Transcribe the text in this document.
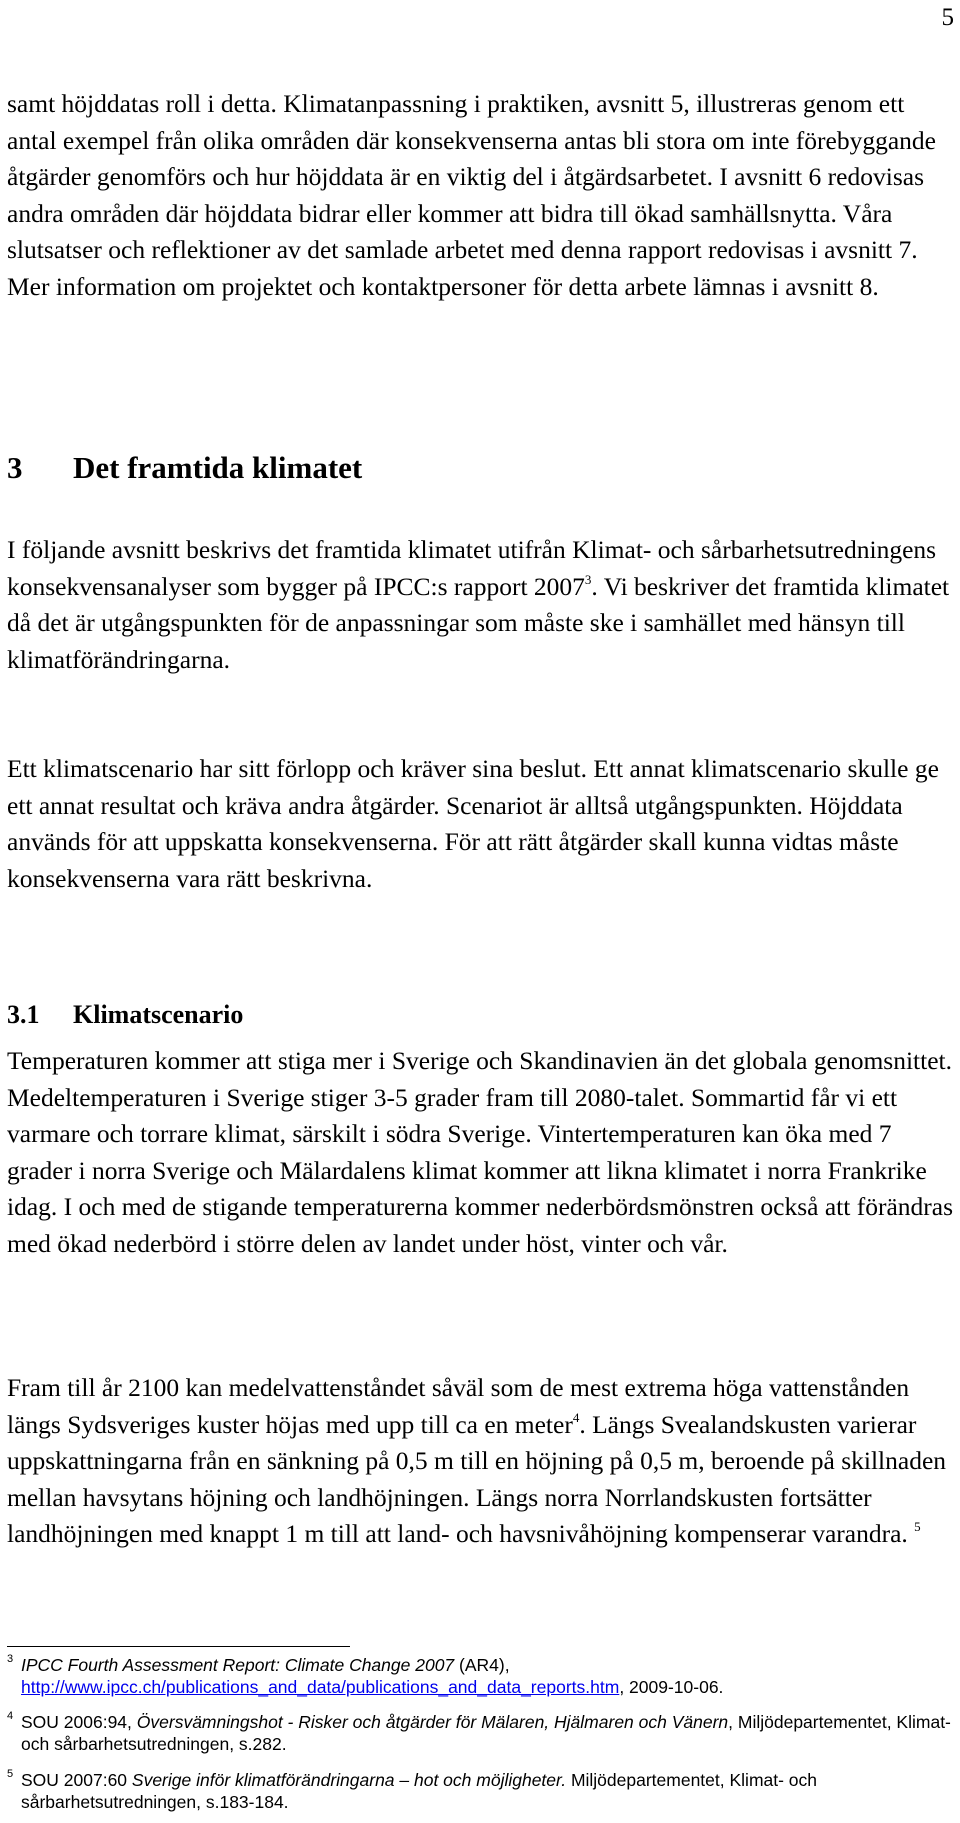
5

samt höjddatas roll i detta. Klimatanpassning i praktiken, avsnitt 5, illustreras genom ett antal exempel från olika områden där konsekvenserna antas bli stora om inte förebyggande åtgärder genomförs och hur höjddata är en viktig del i åtgärdsarbetet. I avsnitt 6 redovisas andra områden där höjddata bidrar eller kommer att bidra till ökad samhällsnytta. Våra slutsatser och reflektioner av det samlade arbetet med denna rapport redovisas i avsnitt 7. Mer information om projektet och kontaktpersoner för detta arbete lämnas i avsnitt 8.

3 Det framtida klimatet

I följande avsnitt beskrivs det framtida klimatet utifrån Klimat- och sårbarhetsutredningens konsekvensanalyser som bygger på IPCC:s rapport 2007$^3$. Vi beskriver det framtida klimatet då det är utgångspunkten för de anpassningar som måste ske i samhället med hänsyn till klimatförändringarna.

Ett klimatscenario har sitt förlopp och kräver sina beslut. Ett annat klimatscenario skulle ge ett annat resultat och kräva andra åtgärder. Scenariot är alltså utgångspunkten. Höjddata används för att uppskatta konsekvenserna. För att rätt åtgärder skall kunna vidtas måste konsekvenserna vara rätt beskrivna.

3.1 Klimatscenario

Temperaturen kommer att stiga mer i Sverige och Skandinavien än det globala genomsnittet. Medeltemperaturen i Sverige stiger 3-5 grader fram till 2080-talet. Sommartid får vi ett varmare och torrare klimat, särskilt i södra Sverige. Vintertemperaturen kan öka med 7 grader i norra Sverige och Mälardalens klimat kommer att likna klimatet i norra Frankrike idag. I och med de stigande temperaturerna kommer nederbördsmönstren också att förändras med ökad nederbörd i större delen av landet under höst, vinter och vår.

Fram till år 2100 kan medelvattenståndet såväl som de mest extrema höga vattenstånden längs Sydsveriges kuster höjas med upp till ca en meter$^4$. Längs Svealandskusten varierar uppskattningarna från en sänkning på 0,5 m till en höjning på 0,5 m, beroende på skillnaden mellan havsytans höjning och landhöjningen. Längs norra Norrlandskusten fortsätter landhöjningen med knappt 1 m till att land- och havsnivåhöjning kompenserar varandra. $^5$

3 IPCC Fourth Assessment Report: Climate Change 2007 (AR4),
http://www.ipcc.ch/publications_and_data/publications_and_data_reports.htm, 2009-10-06.
4 SOU 2006:94, Översvämningshot - Risker och åtgärder för Mälaren, Hjälmaren och Vänern, Miljödepartementet, Klimat- och sårbarhetsutredningen, s.282.
5 SOU 2007:60 Sverige inför klimatförändringarna – hot och möjligheter. Miljödepartementet, Klimat- och sårbarhetsutredningen, s.183-184.
